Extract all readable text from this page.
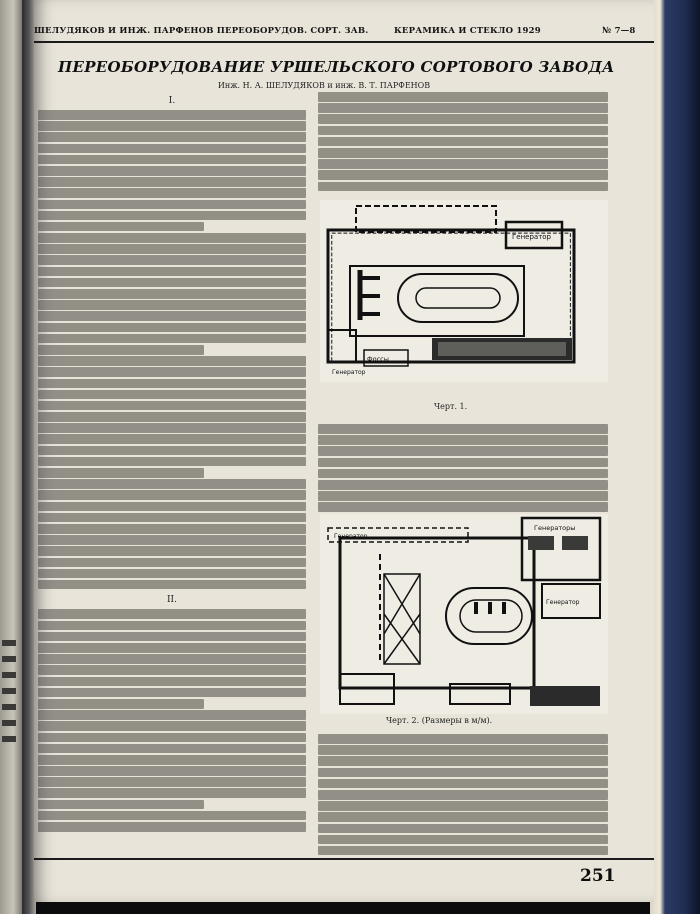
ШЕЛУДЯКОВ И ИНЖ. ПАРФЕНОВ ПЕРЕОБОРУДОВ. СОРТ. ЗАВ.	КЕРАМИКА И СТЕКЛО 1929	№ 7—8
ПЕРЕОБОРУДОВАНИЕ УРШЕЛЬСКОГО СОРТОВОГО ЗАВОДА
Инж. Н. А. ШЕЛУДЯКОВ и инж. В. Т. ПАРФЕНОВ
I.
II.
Генератор
Фоссы
Генератор
Черт. 1.
Генератор
Генераторы
Генератор
Черт. 2. (Размеры в м/м).
251
